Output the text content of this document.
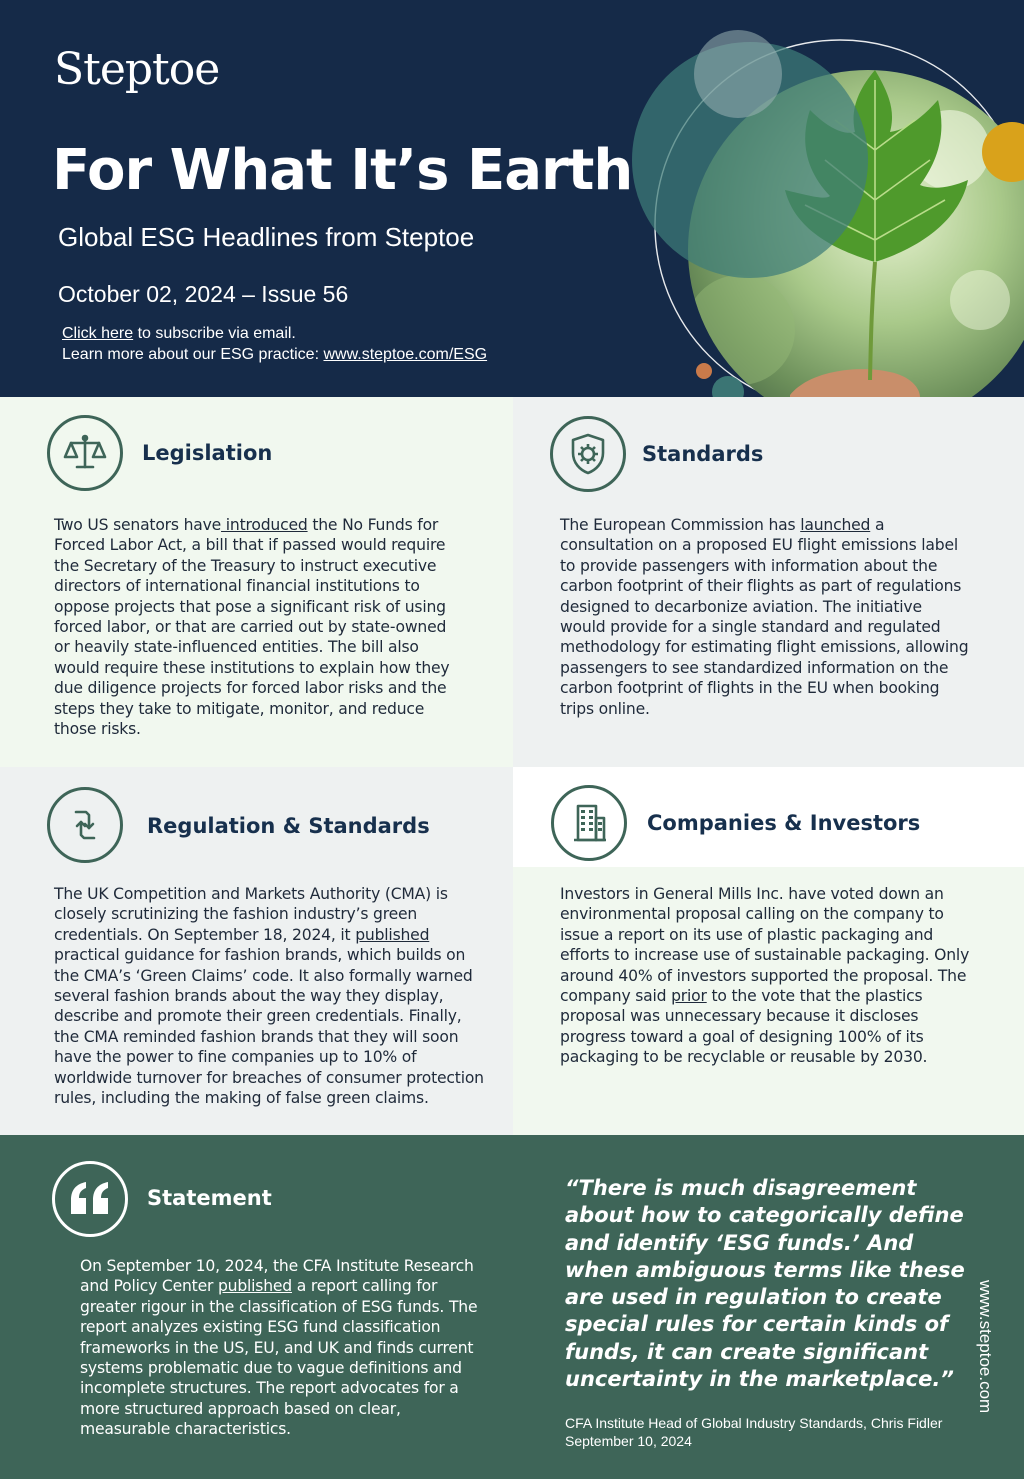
Steptoe
For What It’s Earth
Global ESG Headlines from Steptoe
October 02, 2024 – Issue 56
Click here to subscribe via email.
Learn more about our ESG practice: www.steptoe.com/ESG
Legislation

Two US senators have introduced the No Funds for Forced Labor Act, a bill that if passed would require the Secretary of the Treasury to instruct executive directors of international financial institutions to oppose projects that pose a significant risk of using forced labor, or that are carried out by state-owned or heavily state-influenced entities. The bill also would require these institutions to explain how they due diligence projects for forced labor risks and the steps they take to mitigate, monitor, and reduce those risks.

Standards

The European Commission has launched a consultation on a proposed EU flight emissions label to provide passengers with information about the carbon footprint of their flights as part of regulations designed to decarbonize aviation. The initiative would provide for a single standard and regulated methodology for estimating flight emissions, allowing passengers to see standardized information on the carbon footprint of flights in the EU when booking trips online.

Regulation & Standards

The UK Competition and Markets Authority (CMA) is closely scrutinizing the fashion industry’s green credentials. On September 18, 2024, it published practical guidance for fashion brands, which builds on the CMA’s ‘Green Claims’ code. It also formally warned several fashion brands about the way they display, describe and promote their green credentials. Finally, the CMA reminded fashion brands that they will soon have the power to fine companies up to 10% of worldwide turnover for breaches of consumer protection rules, including the making of false green claims.

Companies & Investors

Investors in General Mills Inc. have voted down an environmental proposal calling on the company to issue a report on its use of plastic packaging and efforts to increase use of sustainable packaging. Only around 40% of investors supported the proposal. The company said prior to the vote that the plastics proposal was unnecessary because it discloses progress toward a goal of designing 100% of its packaging to be recyclable or reusable by 2030.

Statement

On September 10, 2024, the CFA Institute Research and Policy Center published a report calling for greater rigour in the classification of ESG funds. The report analyzes existing ESG fund classification frameworks in the US, EU, and UK and finds current systems problematic due to vague definitions and incomplete structures. The report advocates for a more structured approach based on clear, measurable characteristics.

“There is much disagreement about how to categorically define and identify ‘ESG funds.’ And when ambiguous terms like these are used in regulation to create special rules for certain kinds of funds, it can create significant uncertainty in the marketplace.”
CFA Institute Head of Global Industry Standards, Chris Fidler
September 10, 2024
www.steptoe.com
